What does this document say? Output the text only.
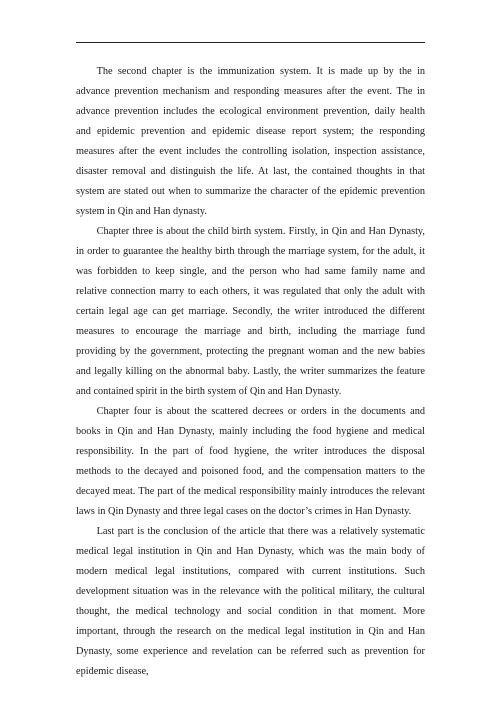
The second chapter is the immunization system. It is made up by the in advance prevention mechanism and responding measures after the event. The in advance prevention includes the ecological environment prevention, daily health and epidemic prevention and epidemic disease report system; the responding measures after the event includes the controlling isolation, inspection assistance, disaster removal and distinguish the life. At last, the contained thoughts in that system are stated out when to summarize the character of the epidemic prevention system in Qin and Han dynasty.

Chapter three is about the child birth system. Firstly, in Qin and Han Dynasty, in order to guarantee the healthy birth through the marriage system, for the adult, it was forbidden to keep single, and the person who had same family name and relative connection marry to each others, it was regulated that only the adult with certain legal age can get marriage. Secondly, the writer introduced the different measures to encourage the marriage and birth, including the marriage fund providing by the government, protecting the pregnant woman and the new babies and legally killing on the abnormal baby. Lastly, the writer summarizes the feature and contained spirit in the birth system of Qin and Han Dynasty.

Chapter four is about the scattered decrees or orders in the documents and books in Qin and Han Dynasty, mainly including the food hygiene and medical responsibility. In the part of food hygiene, the writer introduces the disposal methods to the decayed and poisoned food, and the compensation matters to the decayed meat. The part of the medical responsibility mainly introduces the relevant laws in Qin Dynasty and three legal cases on the doctor’s crimes in Han Dynasty.

Last part is the conclusion of the article that there was a relatively systematic medical legal institution in Qin and Han Dynasty, which was the main body of modern medical legal institutions, compared with current institutions. Such development situation was in the relevance with the political military, the cultural thought, the medical technology and social condition in that moment. More important, through the research on the medical legal institution in Qin and Han Dynasty, some experience and revelation can be referred such as prevention for epidemic disease,
